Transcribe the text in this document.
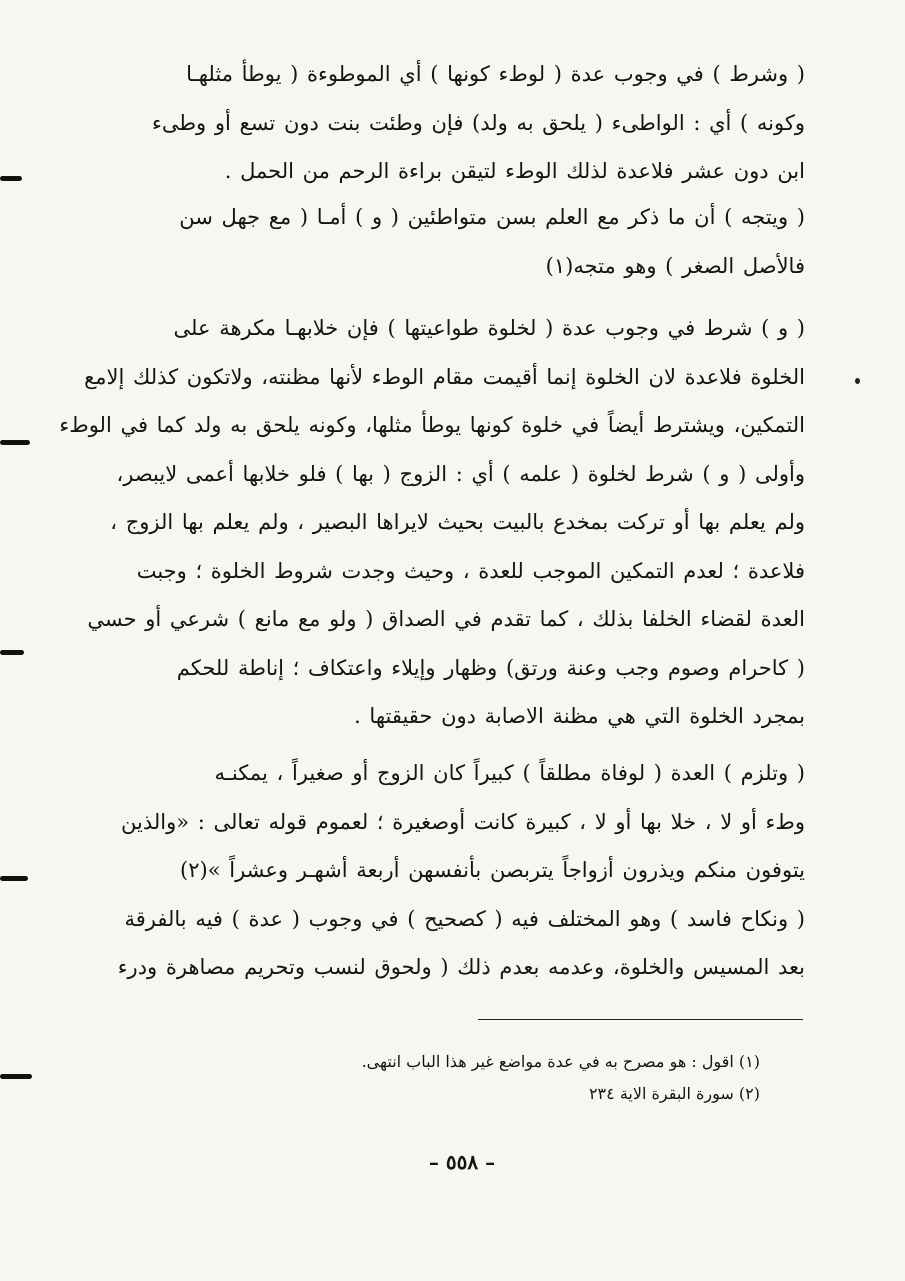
( وشرط ) في وجوب عدة ( لوطء كونها ) أي الموطوءة ( يوطأ مثلهـا
وكونه ) أي : الواطىء ( يلحق به ولد) فإن وطئت بنت دون تسع أو وطىء
ابن دون عشر فلاعدة لذلك الوطء لتيقن براءة الرحم من الحمل .
( ويتجه ) أن ما ذكر مع العلم بسن متواطئين ( و ) أمـا ( مع جهل سن
فالأصل الصغر ) وهو متجه(١)
( و ) شرط في وجوب عدة ( لخلوة طواعيتها ) فإن خلابهـا مكرهة على
الخلوة فلاعدة لان الخلوة إنما أقيمت مقام الوطء لأنها مظنته، ولاتكون كذلك إلامع
التمكين، ويشترط أيضاً في خلوة كونها يوطأ مثلها، وكونه يلحق به ولد كما في الوطء
وأولى ( و ) شرط لخلوة ( علمه ) أي : الزوج ( بها ) فلو خلابها أعمى لايبصر،
ولم يعلم بها أو تركت بمخدع بالبيت بحيث لايراها البصير ، ولم يعلم بها الزوج ،
فلاعدة ؛ لعدم التمكين الموجب للعدة ، وحيث وجدت شروط الخلوة ؛ وجبت
العدة لقضاء الخلفا بذلك ، كما تقدم في الصداق ( ولو مع مانع ) شرعي أو حسي
( كاحرام وصوم وجب وعنة ورتق) وظهار وإيلاء واعتكاف ؛ إناطة للحكم
بمجرد الخلوة التي هي مظنة الاصابة دون حقيقتها .
( وتلزم ) العدة ( لوفاة مطلقاً ) كبيراً كان الزوج أو صغيراً ، يمكنـه
وطء أو لا ، خلا بها أو لا ، كبيرة كانت أوصغيرة ؛ لعموم قوله تعالى : «والذين
يتوفون منكم ويذرون أزواجاً يتربصن بأنفسهن أربعة أشهـر وعشراً »(٢)
( ونكاح فاسد ) وهو المختلف فيه ( كصحيح ) في وجوب ( عدة ) فيه بالفرقة
بعد المسيس والخلوة، وعدمه بعدم ذلك ( ولحوق لنسب وتحريم مصاهرة ودرء
(١) اقول : هو مصرح به في عدة مواضع غير هذا الباب انتهى.
(٢) سورة البقرة الاية ٢٣٤
– ٥٥٨ –
